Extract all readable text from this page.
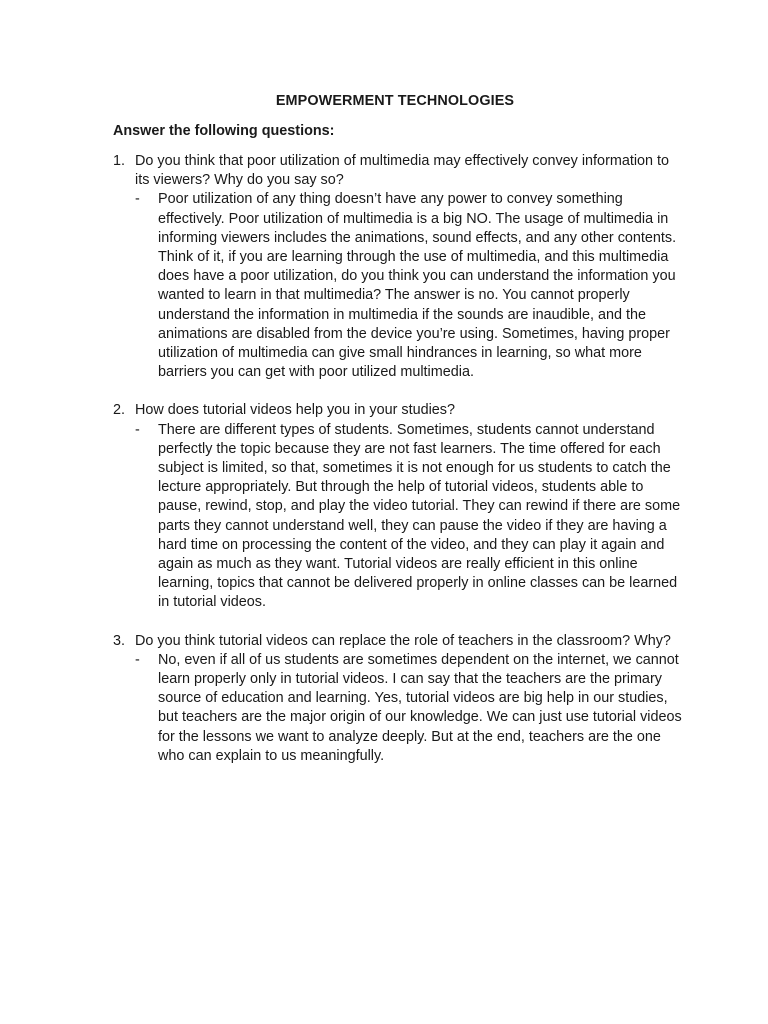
EMPOWERMENT TECHNOLOGIES
Answer the following questions:
1. Do you think that poor utilization of multimedia may effectively convey information to its viewers? Why do you say so?
-	Poor utilization of any thing doesn’t have any power to convey something effectively. Poor utilization of multimedia is a big NO. The usage of multimedia in informing viewers includes the animations, sound effects, and any other contents. Think of it, if you are learning through the use of multimedia, and this multimedia does have a poor utilization, do you think you can understand the information you wanted to learn in that multimedia? The answer is no. You cannot properly understand the information in multimedia if the sounds are inaudible, and the animations are disabled from the device you’re using. Sometimes, having proper utilization of multimedia can give small hindrances in learning, so what more barriers you can get with poor utilized multimedia.
2. How does tutorial videos help you in your studies?
-	There are different types of students. Sometimes, students cannot understand perfectly the topic because they are not fast learners. The time offered for each subject is limited, so that, sometimes it is not enough for us students to catch the lecture appropriately. But through the help of tutorial videos, students able to pause, rewind, stop, and play the video tutorial. They can rewind if there are some parts they cannot understand well, they can pause the video if they are having a hard time on processing the content of the video, and they can play it again and again as much as they want. Tutorial videos are really efficient in this online learning, topics that cannot be delivered properly in online classes can be learned in tutorial videos.
3. Do you think tutorial videos can replace the role of teachers in the classroom? Why?
-	No, even if all of us students are sometimes dependent on the internet, we cannot learn properly only in tutorial videos. I can say that the teachers are the primary source of education and learning. Yes, tutorial videos are big help in our studies, but teachers are the major origin of our knowledge. We can just use tutorial videos for the lessons we want to analyze deeply. But at the end, teachers are the one who can explain to us meaningfully.
